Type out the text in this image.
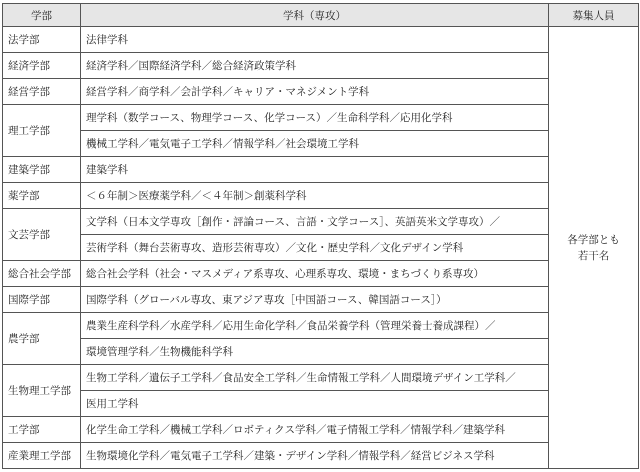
学部	学科（専攻）	募集人員
法学部	法律学科	各学部とも
若干名

経済学部	経済学科／国際経済学科／総合経済政策学科	
経営学部	経営学科／商学科／会計学科／キャリア・マネジメント学科	
理工学部	理学科（数学コース、物理学コース、化学コース）／生命科学科／応用化学科	
	機械工学科／電気電子工学科／情報学科／社会環境工学科	
建築学部	建築学科	
薬学部	＜６年制＞医療薬学科／＜４年制＞創薬科学科	
文芸学部	文学科（日本文学専攻［創作・評論コース、言語・文学コース］、英語英米文学専攻）／	
	芸術学科（舞台芸術専攻、造形芸術専攻）／文化・歴史学科／文化デザイン学科	
総合社会学部	総合社会学科（社会・マスメディア系専攻、心理系専攻、環境・まちづくり系専攻）	
国際学部	国際学科（グローバル専攻、東アジア専攻［中国語コース、韓国語コース］）	
農学部	農業生産科学科／水産学科／応用生命化学科／食品栄養学科（管理栄養士養成課程）／	
	環境管理学科／生物機能科学科	
生物理工学部	生物工学科／遺伝子工学科／食品安全工学科／生命情報工学科／人間環境デザイン工学科／	
	医用工学科	
工学部	化学生命工学科／機械工学科／ロボティクス学科／電子情報工学科／情報学科／建築学科	
産業理工学部	生物環境化学科／電気電子工学科／建築・デザイン学科／情報学科／経営ビジネス学科	
